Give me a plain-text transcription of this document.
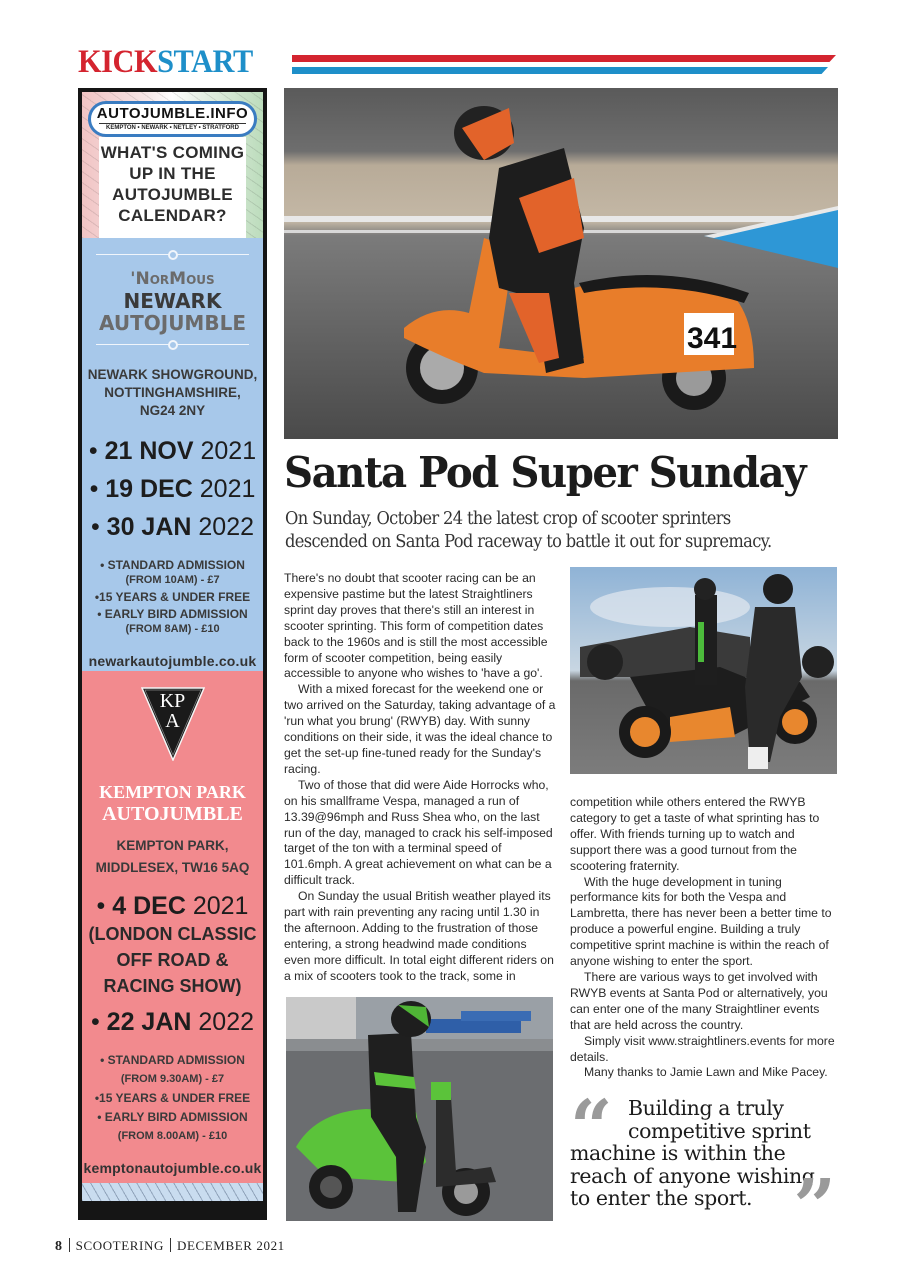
KICKSTART
AUTOJUMBLE.INFO
KEMPTON • NEWARK • NETLEY • STRATFORD
WHAT'S COMING
UP IN THE
AUTOJUMBLE
CALENDAR?
'NorMous
NEWARK
AUTOJUMBLE
NEWARK SHOWGROUND,
NOTTINGHAMSHIRE,
NG24 2NY
• 21 NOV 2021
• 19 DEC 2021
• 30 JAN 2022
• STANDARD ADMISSION
(FROM 10AM) - £7
•15 YEARS & UNDER FREE
• EARLY BIRD ADMISSION
(FROM 8AM) - £10
newarkautojumble.co.uk
KP
A
KEMPTON PARK
AUTOJUMBLE
KEMPTON PARK,
MIDDLESEX, TW16 5AQ
• 4 DEC 2021
(LONDON CLASSIC
OFF ROAD &
RACING SHOW)
• 22 JAN 2022
• STANDARD ADMISSION
(FROM 9.30AM) - £7
•15 YEARS & UNDER FREE
• EARLY BIRD ADMISSION
(FROM 8.00AM) - £10
kemptonautojumble.co.uk
341
Santa Pod Super Sunday
On Sunday, October 24 the latest crop of scooter sprinters
descended on Santa Pod raceway to battle it out for supremacy.

There's no doubt that scooter racing can be an expensive pastime but the latest Straightliners sprint day proves that there's still an interest in scooter sprinting. This form of competition dates back to the 1960s and is still the most accessible form of scooter competition, being easily accessible to anyone who wishes to 'have a go'.

With a mixed forecast for the weekend one or two arrived on the Saturday, taking advantage of a 'run what you brung' (RWYB) day. With sunny conditions on their side, it was the ideal chance to get the set-up fine-tuned ready for the Sunday's racing.

Two of those that did were Aide Horrocks who, on his smallframe Vespa, managed a run of 13.39@96mph and Russ Shea who, on the last run of the day, managed to crack his self-imposed target of the ton with a terminal speed of 101.6mph. A great achievement on what can be a difficult track.

On Sunday the usual British weather played its part with rain preventing any racing until 1.30 in the afternoon. Adding to the frustration of those entering, a strong headwind made conditions even more difficult. In total eight different riders on a mix of scooters took to the track, some in

competition while others entered the RWYB category to get a taste of what sprinting has to offer. With friends turning up to watch and support there was a good turnout from the scootering fraternity.

With the huge development in tuning performance kits for both the Vespa and Lambretta, there has never been a better time to produce a powerful engine. Building a truly competitive sprint machine is within the reach of anyone wishing to enter the sport.

There are various ways to get involved with RWYB events at Santa Pod or alternatively, you can enter one of the many Straightliner events that are held across the country.

Simply visit www.straightliners.events for more details.

Many thanks to Jamie Lawn and Mike Pacey.

“	Building a truly
competitive sprint
machine is within the
reach of anyone wishing
to enter the sport. ”
8 SCOOTERING DECEMBER 2021
